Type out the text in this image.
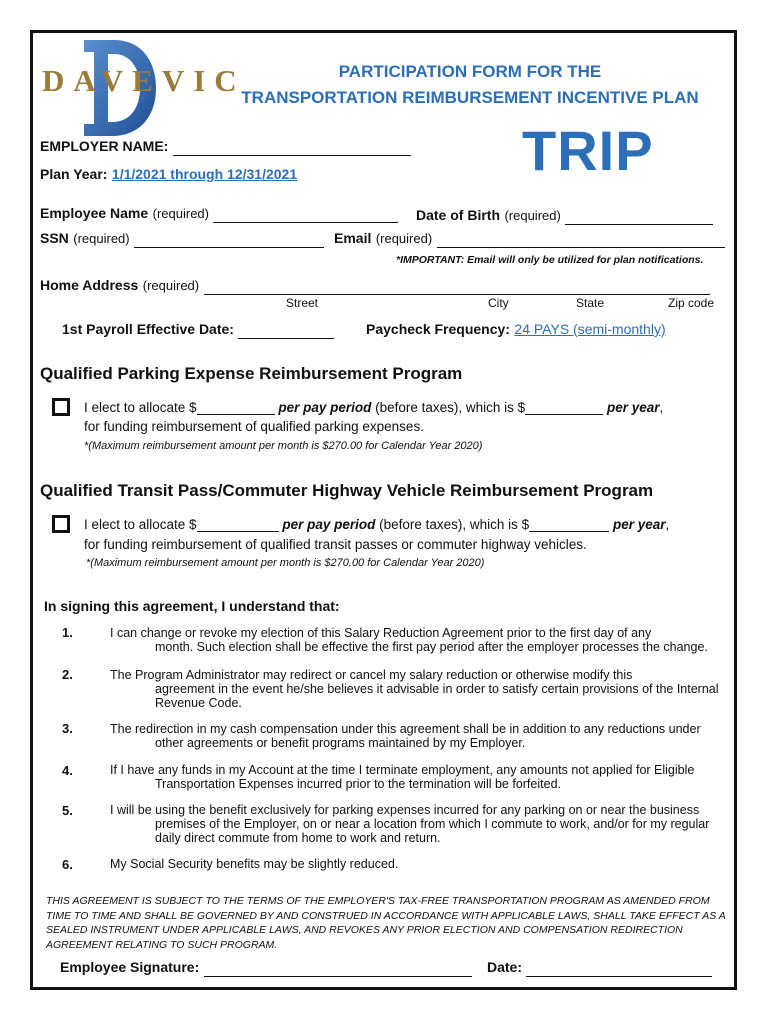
DAVEVIC	PARTICIPATION FORM FOR THE
TRANSPORTATION REIMBURSEMENT INCENTIVE PLAN
TRIP
EMPLOYER NAME:
Plan Year: 1/1/2021 through 12/31/2021
Employee Name (required)	Date of Birth (required)
SSN (required)	Email (required)
*IMPORTANT: Email will only be utilized for plan notifications.
Home Address (required)
Street	City	State	Zip code
1st Payroll Effective Date:	Paycheck Frequency: 24 PAYS (semi-monthly)
Qualified Parking Expense Reimbursement Program
I elect to allocate $	per pay period (before taxes), which is $	per year,
for funding reimbursement of qualified parking expenses.
*(Maximum reimbursement amount per month is $270.00 for Calendar Year 2020)
Qualified Transit Pass/Commuter Highway Vehicle Reimbursement Program
I elect to allocate $	per pay period (before taxes), which is $	per year,
for funding reimbursement of qualified transit passes or commuter highway vehicles.
*(Maximum reimbursement amount per month is $270.00 for Calendar Year 2020)
In signing this agreement, I understand that:
1.	I can change or revoke my election of this Salary Reduction Agreement prior to the first day of any
month. Such election shall be effective the first pay period after the employer processes the change.
2.	The Program Administrator may redirect or cancel my salary reduction or otherwise modify this
agreement in the event he/she believes it advisable in order to satisfy certain provisions of the Internal Revenue Code.
3.	The redirection in my cash compensation under this agreement shall be in addition to any reductions under
other agreements or benefit programs maintained by my Employer.
4.	If I have any funds in my Account at the time I terminate employment, any amounts not applied for Eligible
Transportation Expenses incurred prior to the termination will be forfeited.
5.	I will be using the benefit exclusively for parking expenses incurred for any parking on or near the business
premises of the Employer, on or near a location from which I commute to work, and/or for my regular daily direct commute from home to work and return.
6.	My Social Security benefits may be slightly reduced.
THIS AGREEMENT IS SUBJECT TO THE TERMS OF THE EMPLOYER'S TAX-FREE TRANSPORTATION PROGRAM AS AMENDED FROM TIME TO TIME AND SHALL BE GOVERNED BY AND CONSTRUED IN ACCORDANCE WITH APPLICABLE LAWS, SHALL TAKE EFFECT AS A SEALED INSTRUMENT UNDER APPLICABLE LAWS, AND REVOKES ANY PRIOR ELECTION AND COMPENSATION REDIRECTION AGREEMENT RELATING TO SUCH PROGRAM.
Employee Signature:	Date:
